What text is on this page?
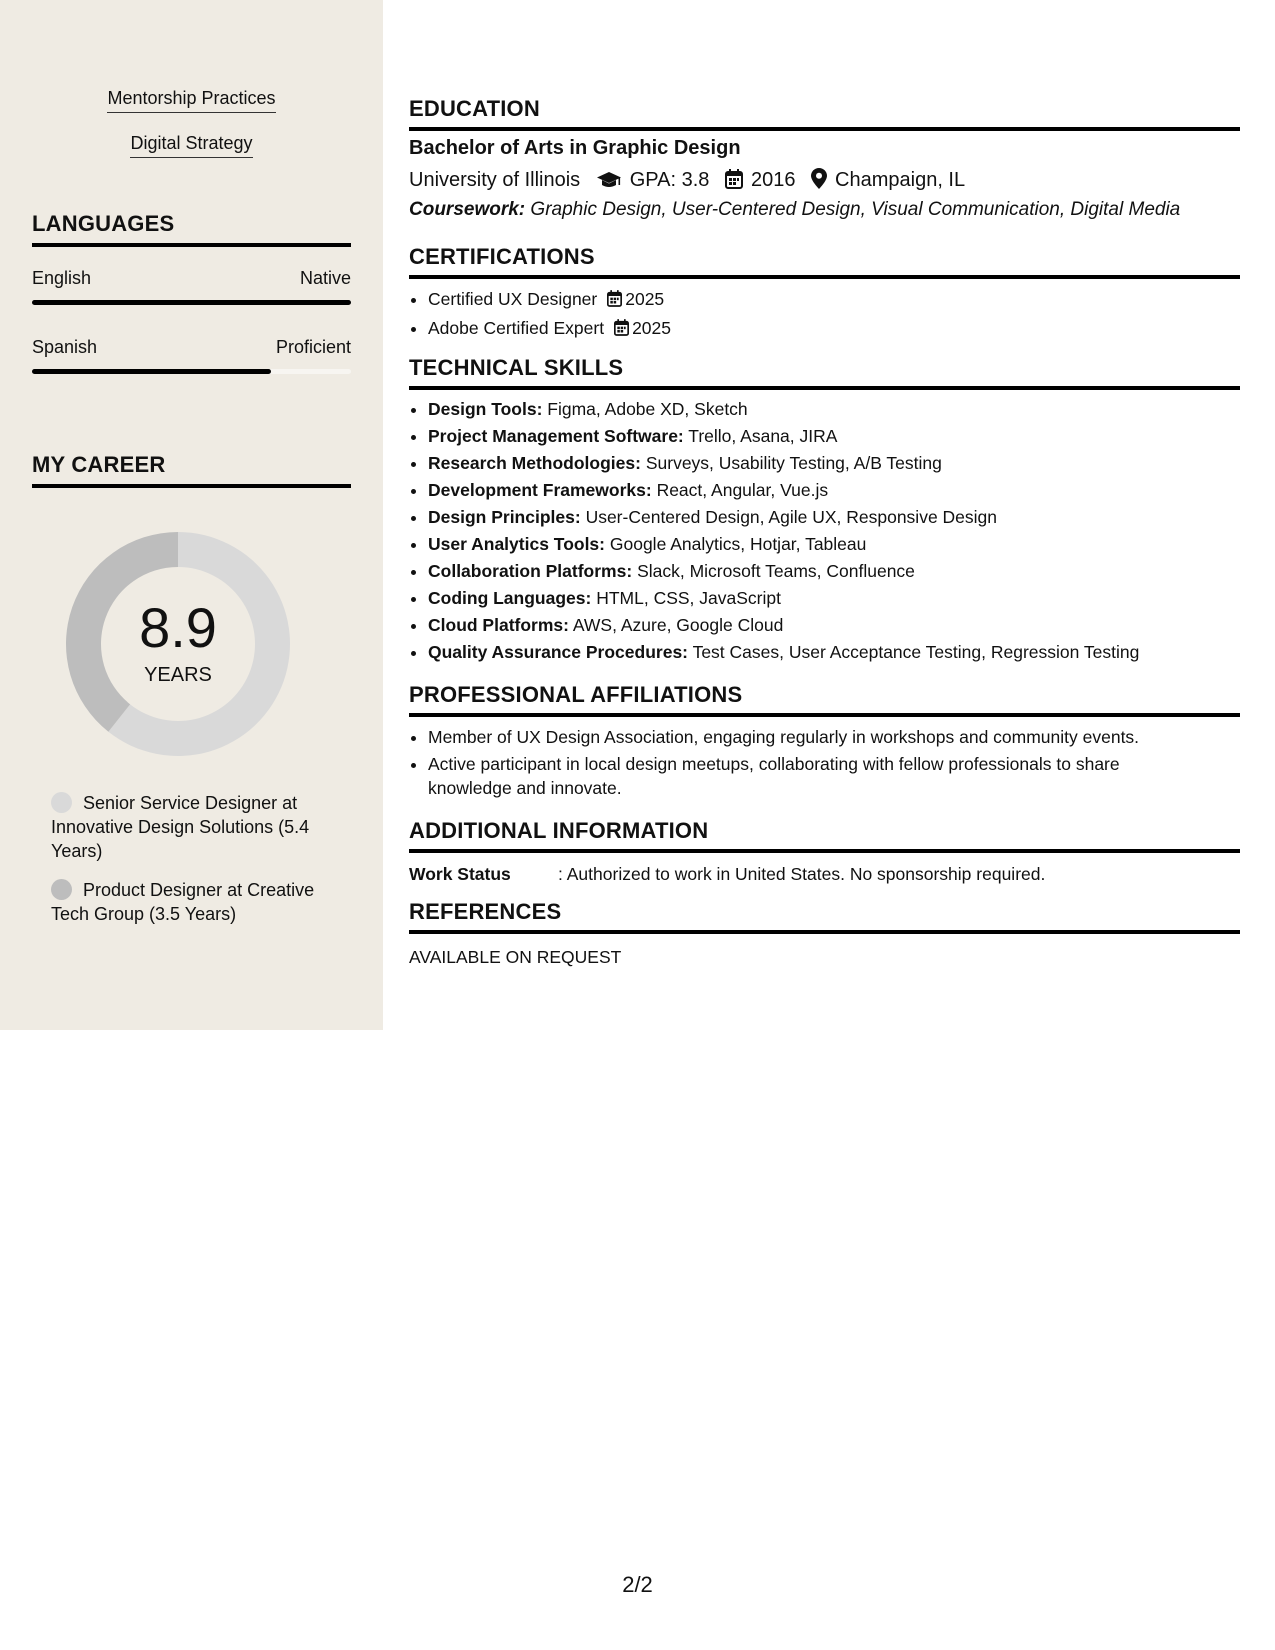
Mentorship Practices
Digital Strategy
LANGUAGES
English	Native
Spanish	Proficient
MY CAREER
8.9
YEARS
Senior Service Designer at Innovative Design Solutions (5.4 Years)
Product Designer at Creative Tech Group (3.5 Years)
EDUCATION
Bachelor of Arts in Graphic Design
University of Illinois GPA: 3.8 2016 Champaign, IL
Coursework: Graphic Design, User-Centered Design, Visual Communication, Digital Media
CERTIFICATIONS
• Certified UX Designer 2025
• Adobe Certified Expert 2025
TECHNICAL SKILLS
• Design Tools: Figma, Adobe XD, Sketch
• Project Management Software: Trello, Asana, JIRA
• Research Methodologies: Surveys, Usability Testing, A/B Testing
• Development Frameworks: React, Angular, Vue.js
• Design Principles: User-Centered Design, Agile UX, Responsive Design
• User Analytics Tools: Google Analytics, Hotjar, Tableau
• Collaboration Platforms: Slack, Microsoft Teams, Confluence
• Coding Languages: HTML, CSS, JavaScript
• Cloud Platforms: AWS, Azure, Google Cloud
• Quality Assurance Procedures: Test Cases, User Acceptance Testing, Regression Testing
PROFESSIONAL AFFILIATIONS
• Member of UX Design Association, engaging regularly in workshops and community events.
• Active participant in local design meetups, collaborating with fellow professionals to share knowledge and innovate.
ADDITIONAL INFORMATION
Work Status	: Authorized to work in United States. No sponsorship required.
REFERENCES
AVAILABLE ON REQUEST
2/2
